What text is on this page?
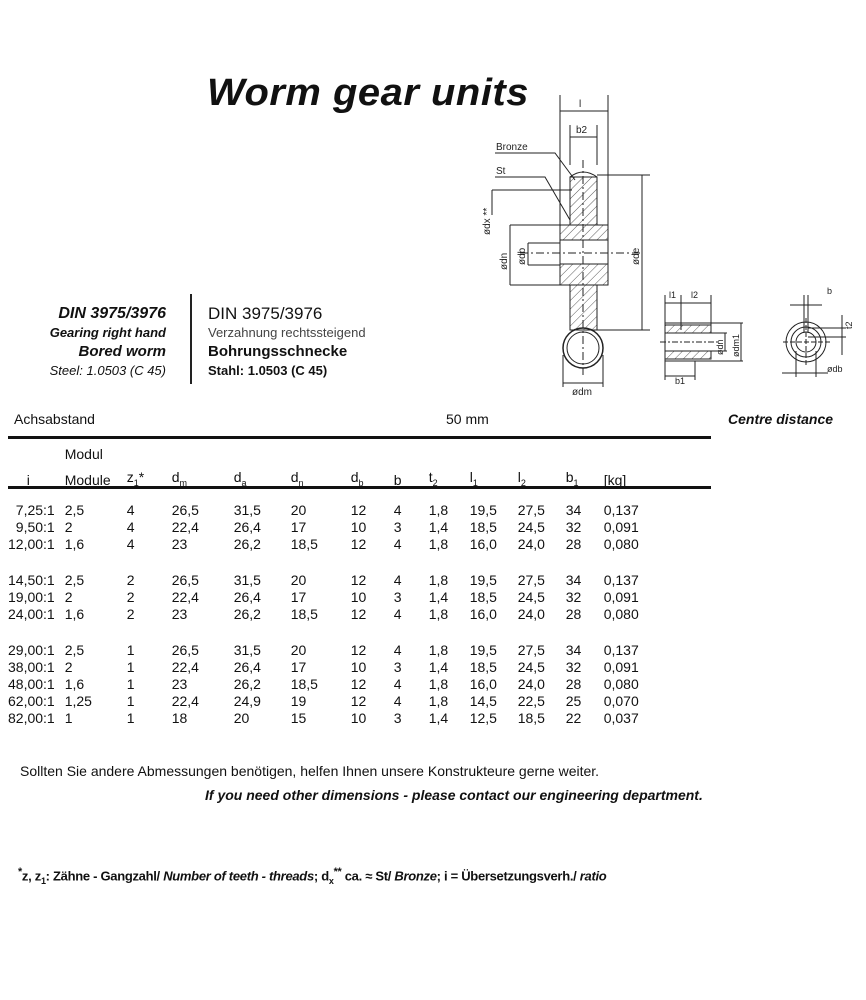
Worm gear units	l
b2
Bronze
St
ødm
ødx **
ødn ødb	øde
l1 l2
b1
ødn ødm1
b
t2
ødb
DIN 3975/3976
Gearing right hand
Bored worm
Steel: 1.0503 (C 45)
DIN 3975/3976
Verzahnung rechtssteigend
Bohrungsschnecke
Stahl: 1.0503 (C 45)
Achsabstand	50 mm	Centre distance
	Modul											
i	Module	$z_1*$	$d_m$	$d_a$	$d_n$	$d_b$	b	$t_2$	$l_1$	$l_2$	$b_1$	[kg]

7,25:1	2,5	4	26,5	31,5	20	12	4	1,8	19,5	27,5	34	0,137
9,50:1	2	4	22,4	26,4	17	10	3	1,4	18,5	24,5	32	0,091
12,00:1	1,6	4	23	26,2	18,5	12	4	1,8	16,0	24,0	28	0,080

14,50:1	2,5	2	26,5	31,5	20	12	4	1,8	19,5	27,5	34	0,137
19,00:1	2	2	22,4	26,4	17	10	3	1,4	18,5	24,5	32	0,091
24,00:1	1,6	2	23	26,2	18,5	12	4	1,8	16,0	24,0	28	0,080

29,00:1	2,5	1	26,5	31,5	20	12	4	1,8	19,5	27,5	34	0,137
38,00:1	2	1	22,4	26,4	17	10	3	1,4	18,5	24,5	32	0,091
48,00:1	1,6	1	23	26,2	18,5	12	4	1,8	16,0	24,0	28	0,080
62,00:1	1,25	1	22,4	24,9	19	12	4	1,8	14,5	22,5	25	0,070
82,00:1	1	1	18	20	15	10	3	1,4	12,5	18,5	22	0,037
Sollten Sie andere Abmessungen benötigen, helfen Ihnen unsere Konstrukteure gerne weiter.
If you need other dimensions - please contact our engineering department.
*z, $z_1$: Zähne - Gangzahl/ Number of teeth - threads; $d_x^{**}$ ca. ≈ St/ Bronze; i = Übersetzungsverh./ ratio
